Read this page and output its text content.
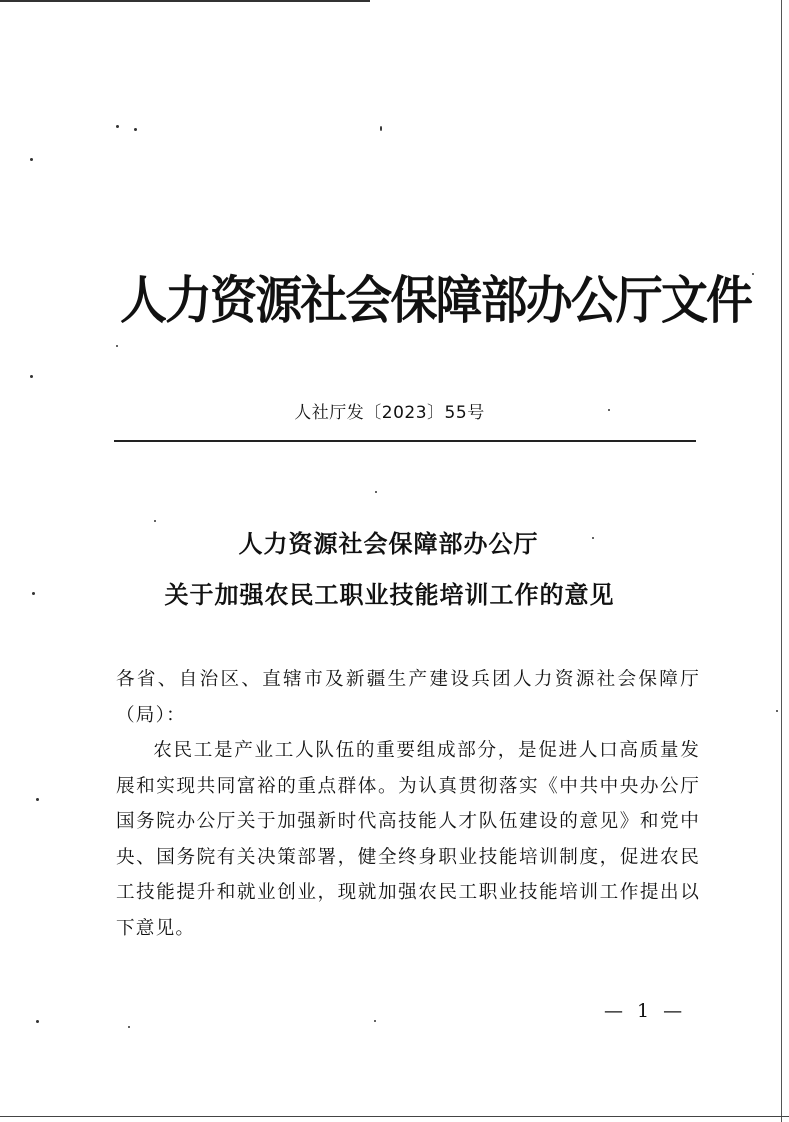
人力资源社会保障部办公厅文件
人社厅发〔2023〕55号
人力资源社会保障部办公厅
关于加强农民工职业技能培训工作的意见

各省、自治区、直辖市及新疆生产建设兵团人力资源社会保障厅（局）：

农民工是产业工人队伍的重要组成部分，是促进人口高质量发展和实现共同富裕的重点群体。为认真贯彻落实《中共中央办公厅 国务院办公厅关于加强新时代高技能人才队伍建设的意见》和党中央、国务院有关决策部署，健全终身职业技能培训制度，促进农民工技能提升和就业创业，现就加强农民工职业技能培训工作提出以下意见。

— 1 —
